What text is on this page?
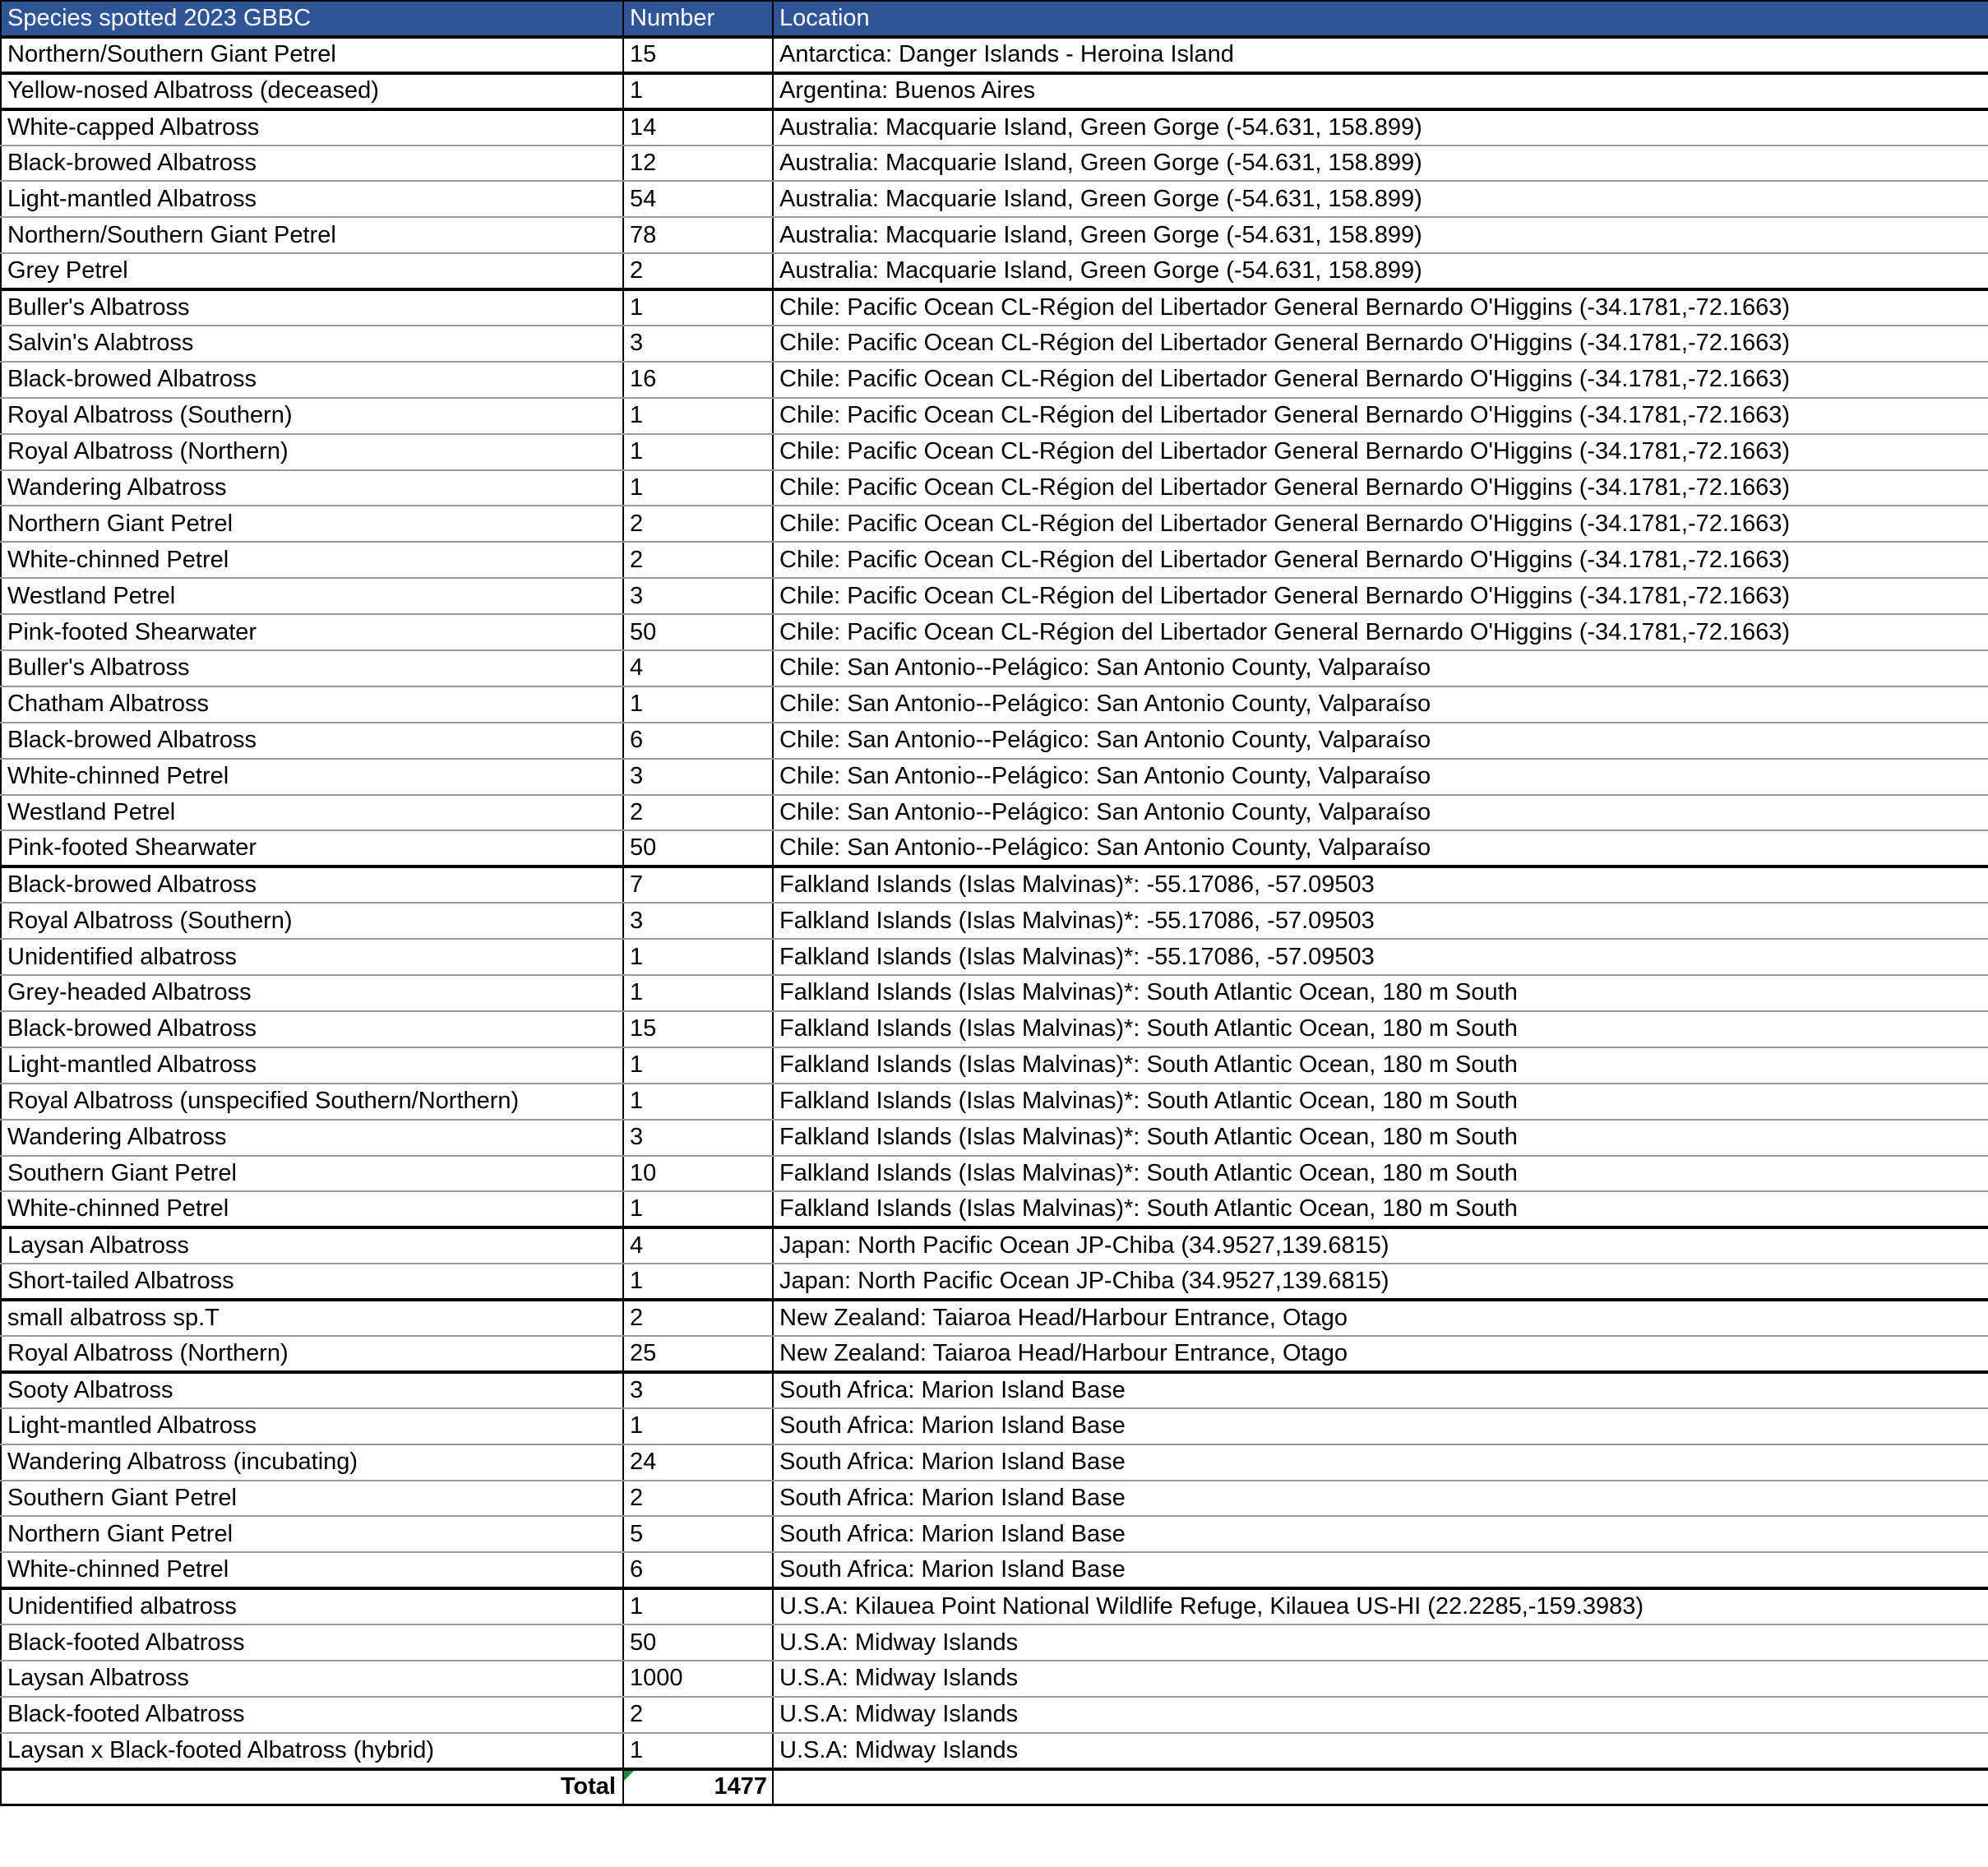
Species spotted 2023 GBBC	Number	Location
Northern/Southern Giant Petrel	15	Antarctica: Danger Islands - Heroina Island
Yellow-nosed Albatross (deceased)	1	Argentina: Buenos Aires
White-capped Albatross	14	Australia: Macquarie Island, Green Gorge (-54.631, 158.899)
Black-browed Albatross	12	Australia: Macquarie Island, Green Gorge (-54.631, 158.899)
Light-mantled Albatross	54	Australia: Macquarie Island, Green Gorge (-54.631, 158.899)
Northern/Southern Giant Petrel	78	Australia: Macquarie Island, Green Gorge (-54.631, 158.899)
Grey Petrel	2	Australia: Macquarie Island, Green Gorge (-54.631, 158.899)
Buller's Albatross	1	Chile: Pacific Ocean CL-Région del Libertador General Bernardo O'Higgins (-34.1781,-72.1663)
Salvin's Alabtross	3	Chile: Pacific Ocean CL-Région del Libertador General Bernardo O'Higgins (-34.1781,-72.1663)
Black-browed Albatross	16	Chile: Pacific Ocean CL-Région del Libertador General Bernardo O'Higgins (-34.1781,-72.1663)
Royal Albatross (Southern)	1	Chile: Pacific Ocean CL-Région del Libertador General Bernardo O'Higgins (-34.1781,-72.1663)
Royal Albatross (Northern)	1	Chile: Pacific Ocean CL-Région del Libertador General Bernardo O'Higgins (-34.1781,-72.1663)
Wandering Albatross	1	Chile: Pacific Ocean CL-Région del Libertador General Bernardo O'Higgins (-34.1781,-72.1663)
Northern Giant Petrel	2	Chile: Pacific Ocean CL-Région del Libertador General Bernardo O'Higgins (-34.1781,-72.1663)
White-chinned Petrel	2	Chile: Pacific Ocean CL-Région del Libertador General Bernardo O'Higgins (-34.1781,-72.1663)
Westland Petrel	3	Chile: Pacific Ocean CL-Région del Libertador General Bernardo O'Higgins (-34.1781,-72.1663)
Pink-footed Shearwater	50	Chile: Pacific Ocean CL-Région del Libertador General Bernardo O'Higgins (-34.1781,-72.1663)
Buller's Albatross	4	Chile: San Antonio--Pelágico: San Antonio County, Valparaíso
Chatham Albatross	1	Chile: San Antonio--Pelágico: San Antonio County, Valparaíso
Black-browed Albatross	6	Chile: San Antonio--Pelágico: San Antonio County, Valparaíso
White-chinned Petrel	3	Chile: San Antonio--Pelágico: San Antonio County, Valparaíso
Westland Petrel	2	Chile: San Antonio--Pelágico: San Antonio County, Valparaíso
Pink-footed Shearwater	50	Chile: San Antonio--Pelágico: San Antonio County, Valparaíso
Black-browed Albatross	7	Falkland Islands (Islas Malvinas)*: -55.17086, -57.09503
Royal Albatross (Southern)	3	Falkland Islands (Islas Malvinas)*: -55.17086, -57.09503
Unidentified albatross	1	Falkland Islands (Islas Malvinas)*: -55.17086, -57.09503
Grey-headed Albatross	1	Falkland Islands (Islas Malvinas)*: South Atlantic Ocean, 180 m South
Black-browed Albatross	15	Falkland Islands (Islas Malvinas)*: South Atlantic Ocean, 180 m South
Light-mantled Albatross	1	Falkland Islands (Islas Malvinas)*: South Atlantic Ocean, 180 m South
Royal Albatross (unspecified Southern/Northern)	1	Falkland Islands (Islas Malvinas)*: South Atlantic Ocean, 180 m South
Wandering Albatross	3	Falkland Islands (Islas Malvinas)*: South Atlantic Ocean, 180 m South
Southern Giant Petrel	10	Falkland Islands (Islas Malvinas)*: South Atlantic Ocean, 180 m South
White-chinned Petrel	1	Falkland Islands (Islas Malvinas)*: South Atlantic Ocean, 180 m South
Laysan Albatross	4	Japan: North Pacific Ocean JP-Chiba (34.9527,139.6815)
Short-tailed Albatross	1	Japan: North Pacific Ocean JP-Chiba (34.9527,139.6815)
small albatross sp.T	2	New Zealand: Taiaroa Head/Harbour Entrance, Otago
Royal Albatross (Northern)	25	New Zealand: Taiaroa Head/Harbour Entrance, Otago
Sooty Albatross	3	South Africa: Marion Island Base
Light-mantled Albatross	1	South Africa: Marion Island Base
Wandering Albatross (incubating)	24	South Africa: Marion Island Base
Southern Giant Petrel	2	South Africa: Marion Island Base
Northern Giant Petrel	5	South Africa: Marion Island Base
White-chinned Petrel	6	South Africa: Marion Island Base
Unidentified albatross	1	U.S.A: Kilauea Point National Wildlife Refuge, Kilauea US-HI (22.2285,-159.3983)
Black-footed Albatross	50	U.S.A: Midway Islands
Laysan Albatross	1000	U.S.A: Midway Islands
Black-footed Albatross	2	U.S.A: Midway Islands
Laysan x Black-footed Albatross (hybrid)	1	U.S.A: Midway Islands
Total	1477	
